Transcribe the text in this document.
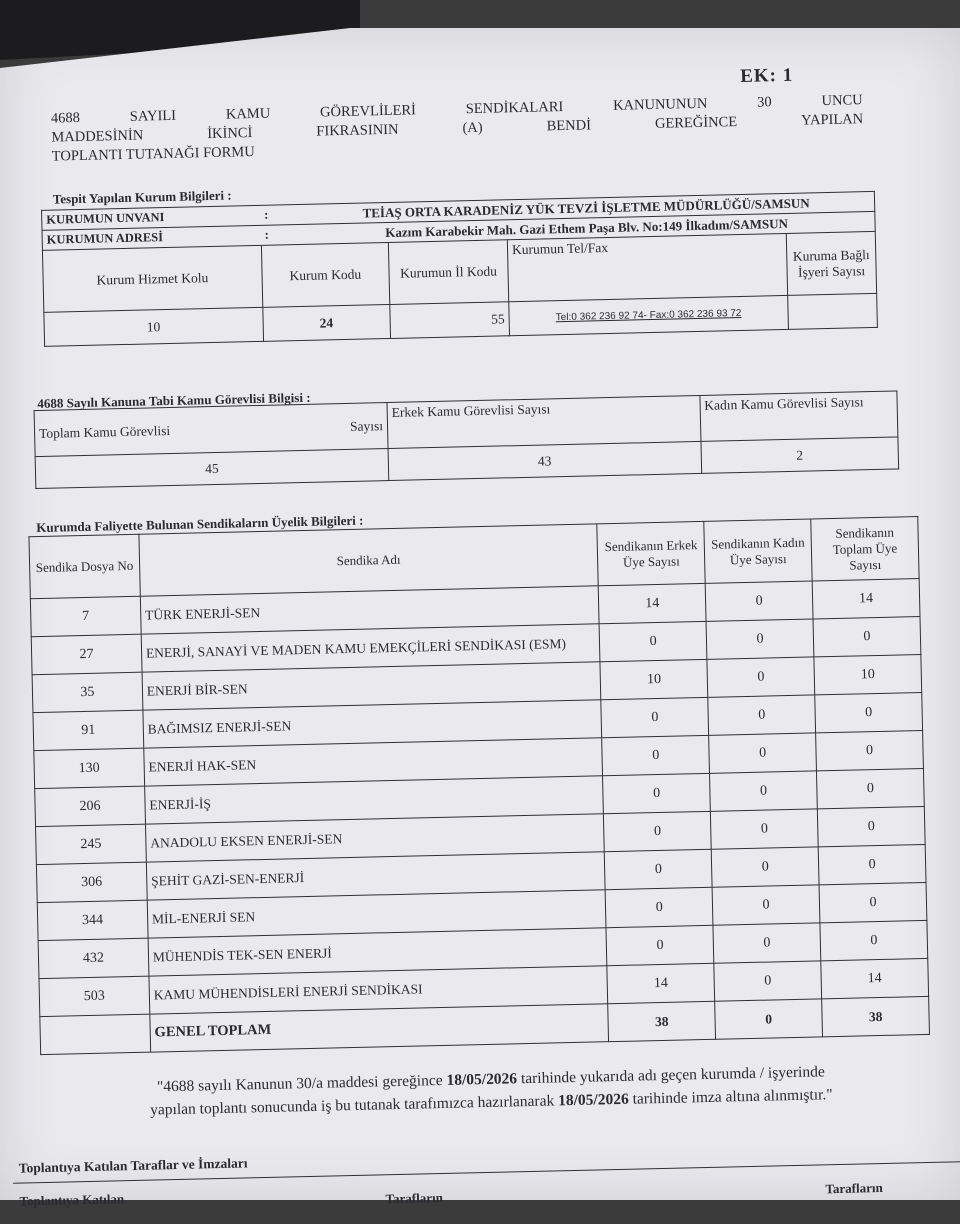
EK: 1
4688	SAYILI	KAMU	GÖREVLİLERİ	SENDİKALARI	KANUNUNUN	30	UNCU
MADDESİNİN	İKİNCİ	FIKRASININ	(A)	BENDİ	GEREĞİNCE	YAPILAN
TOPLANTI TUTANAĞI FORMU
Tespit Yapılan Kurum Bilgileri :
KURUMUN UNVANI	:	TEİAŞ ORTA KARADENİZ YÜK TEVZİ İŞLETME MÜDÜRLÜĞÜ/SAMSUN			
KURUMUN ADRESİ	:	Kazım Karabekir Mah. Gazi Ethem Paşa Blv. No:149 İlkadım/SAMSUN			
Kurum Hizmet Kolu	Kurum Kodu		Kurumun İl Kodu	Kurumun Tel/Fax	Kuruma Bağlı İşyeri Sayısı
10	24		55	Tel:0 362 236 92 74- Fax:0 362 236 93 72	
4688 Sayılı Kanuna Tabi Kamu Görevlisi Bilgisi :
Toplam Kamu Görevlisi Sayısı	Erkek Kamu Görevlisi Sayısı	Kadın Kamu Görevlisi Sayısı
45	43	2
Kurumda Faliyette Bulunan Sendikaların Üyelik Bilgileri :
Sendika Dosya No	Sendika Adı	Sendikanın Erkek Üye Sayısı	Sendikanın Kadın Üye Sayısı	Sendikanın Toplam Üye Sayısı
7	TÜRK ENERJİ-SEN	14	0	14
27	ENERJİ, SANAYİ VE MADEN KAMU EMEKÇİLERİ SENDİKASI (ESM)	0	0	0
35	ENERJİ BİR-SEN	10	0	10
91	BAĞIMSIZ ENERJİ-SEN	0	0	0
130	ENERJİ HAK-SEN	0	0	0
206	ENERJİ-İŞ	0	0	0
245	ANADOLU EKSEN ENERJİ-SEN	0	0	0
306	ŞEHİT GAZİ-SEN-ENERJİ	0	0	0
344	MİL-ENERJİ SEN	0	0	0
432	MÜHENDİS TEK-SEN ENERJİ	0	0	0
503	KAMU MÜHENDİSLERİ ENERJİ SENDİKASI	14	0	14
	GENEL TOPLAM	38	0	38
"4688 sayılı Kanunun 30/a maddesi gereğince 18/05/2026 tarihinde yukarıda adı geçen kurumda / işyerinde yapılan toplantı sonucunda iş bu tutanak tarafımızca hazırlanarak 18/05/2026 tarihinde imza altına alınmıştır."
Toplantıya Katılan Taraflar ve İmzaları
Toplantıya Katılan	Tarafların
Tarafların
